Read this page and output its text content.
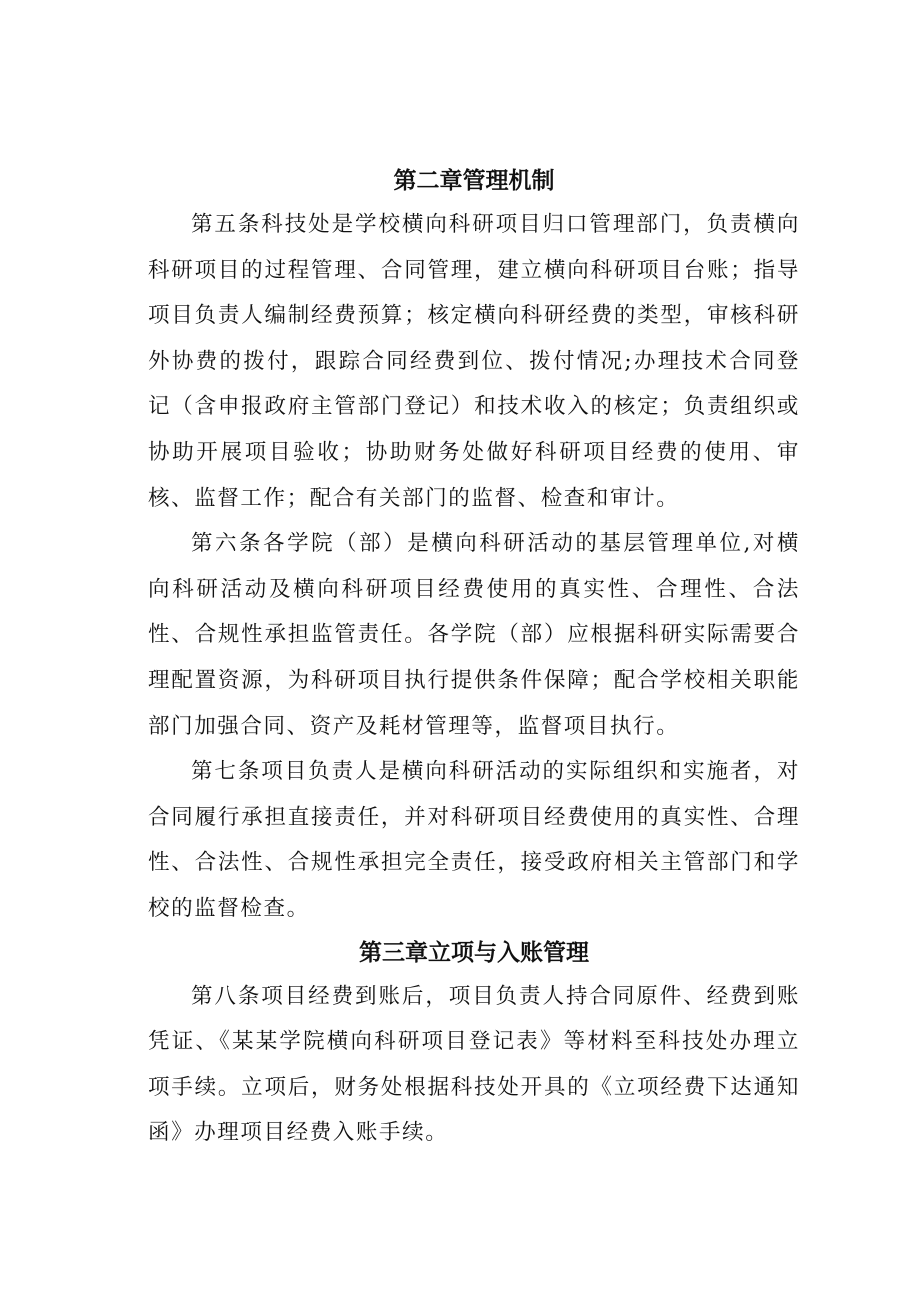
第二章管理机制

第五条科技处是学校横向科研项目归口管理部门，负责横向科研项目的过程管理、合同管理，建立横向科研项目台账；指导项目负责人编制经费预算；核定横向科研经费的类型，审核科研外协费的拨付，跟踪合同经费到位、拨付情况;办理技术合同登记（含申报政府主管部门登记）和技术收入的核定；负责组织或协助开展项目验收；协助财务处做好科研项目经费的使用、审核、监督工作；配合有关部门的监督、检查和审计。

第六条各学院（部）是横向科研活动的基层管理单位,对横向科研活动及横向科研项目经费使用的真实性、合理性、合法性、合规性承担监管责任。各学院（部）应根据科研实际需要合理配置资源，为科研项目执行提供条件保障；配合学校相关职能部门加强合同、资产及耗材管理等，监督项目执行。

第七条项目负责人是横向科研活动的实际组织和实施者，对合同履行承担直接责任，并对科研项目经费使用的真实性、合理性、合法性、合规性承担完全责任，接受政府相关主管部门和学校的监督检查。

第三章立项与入账管理

第八条项目经费到账后，项目负责人持合同原件、经费到账凭证、《某某学院横向科研项目登记表》等材料至科技处办理立项手续。立项后，财务处根据科技处开具的《立项经费下达通知函》办理项目经费入账手续。
